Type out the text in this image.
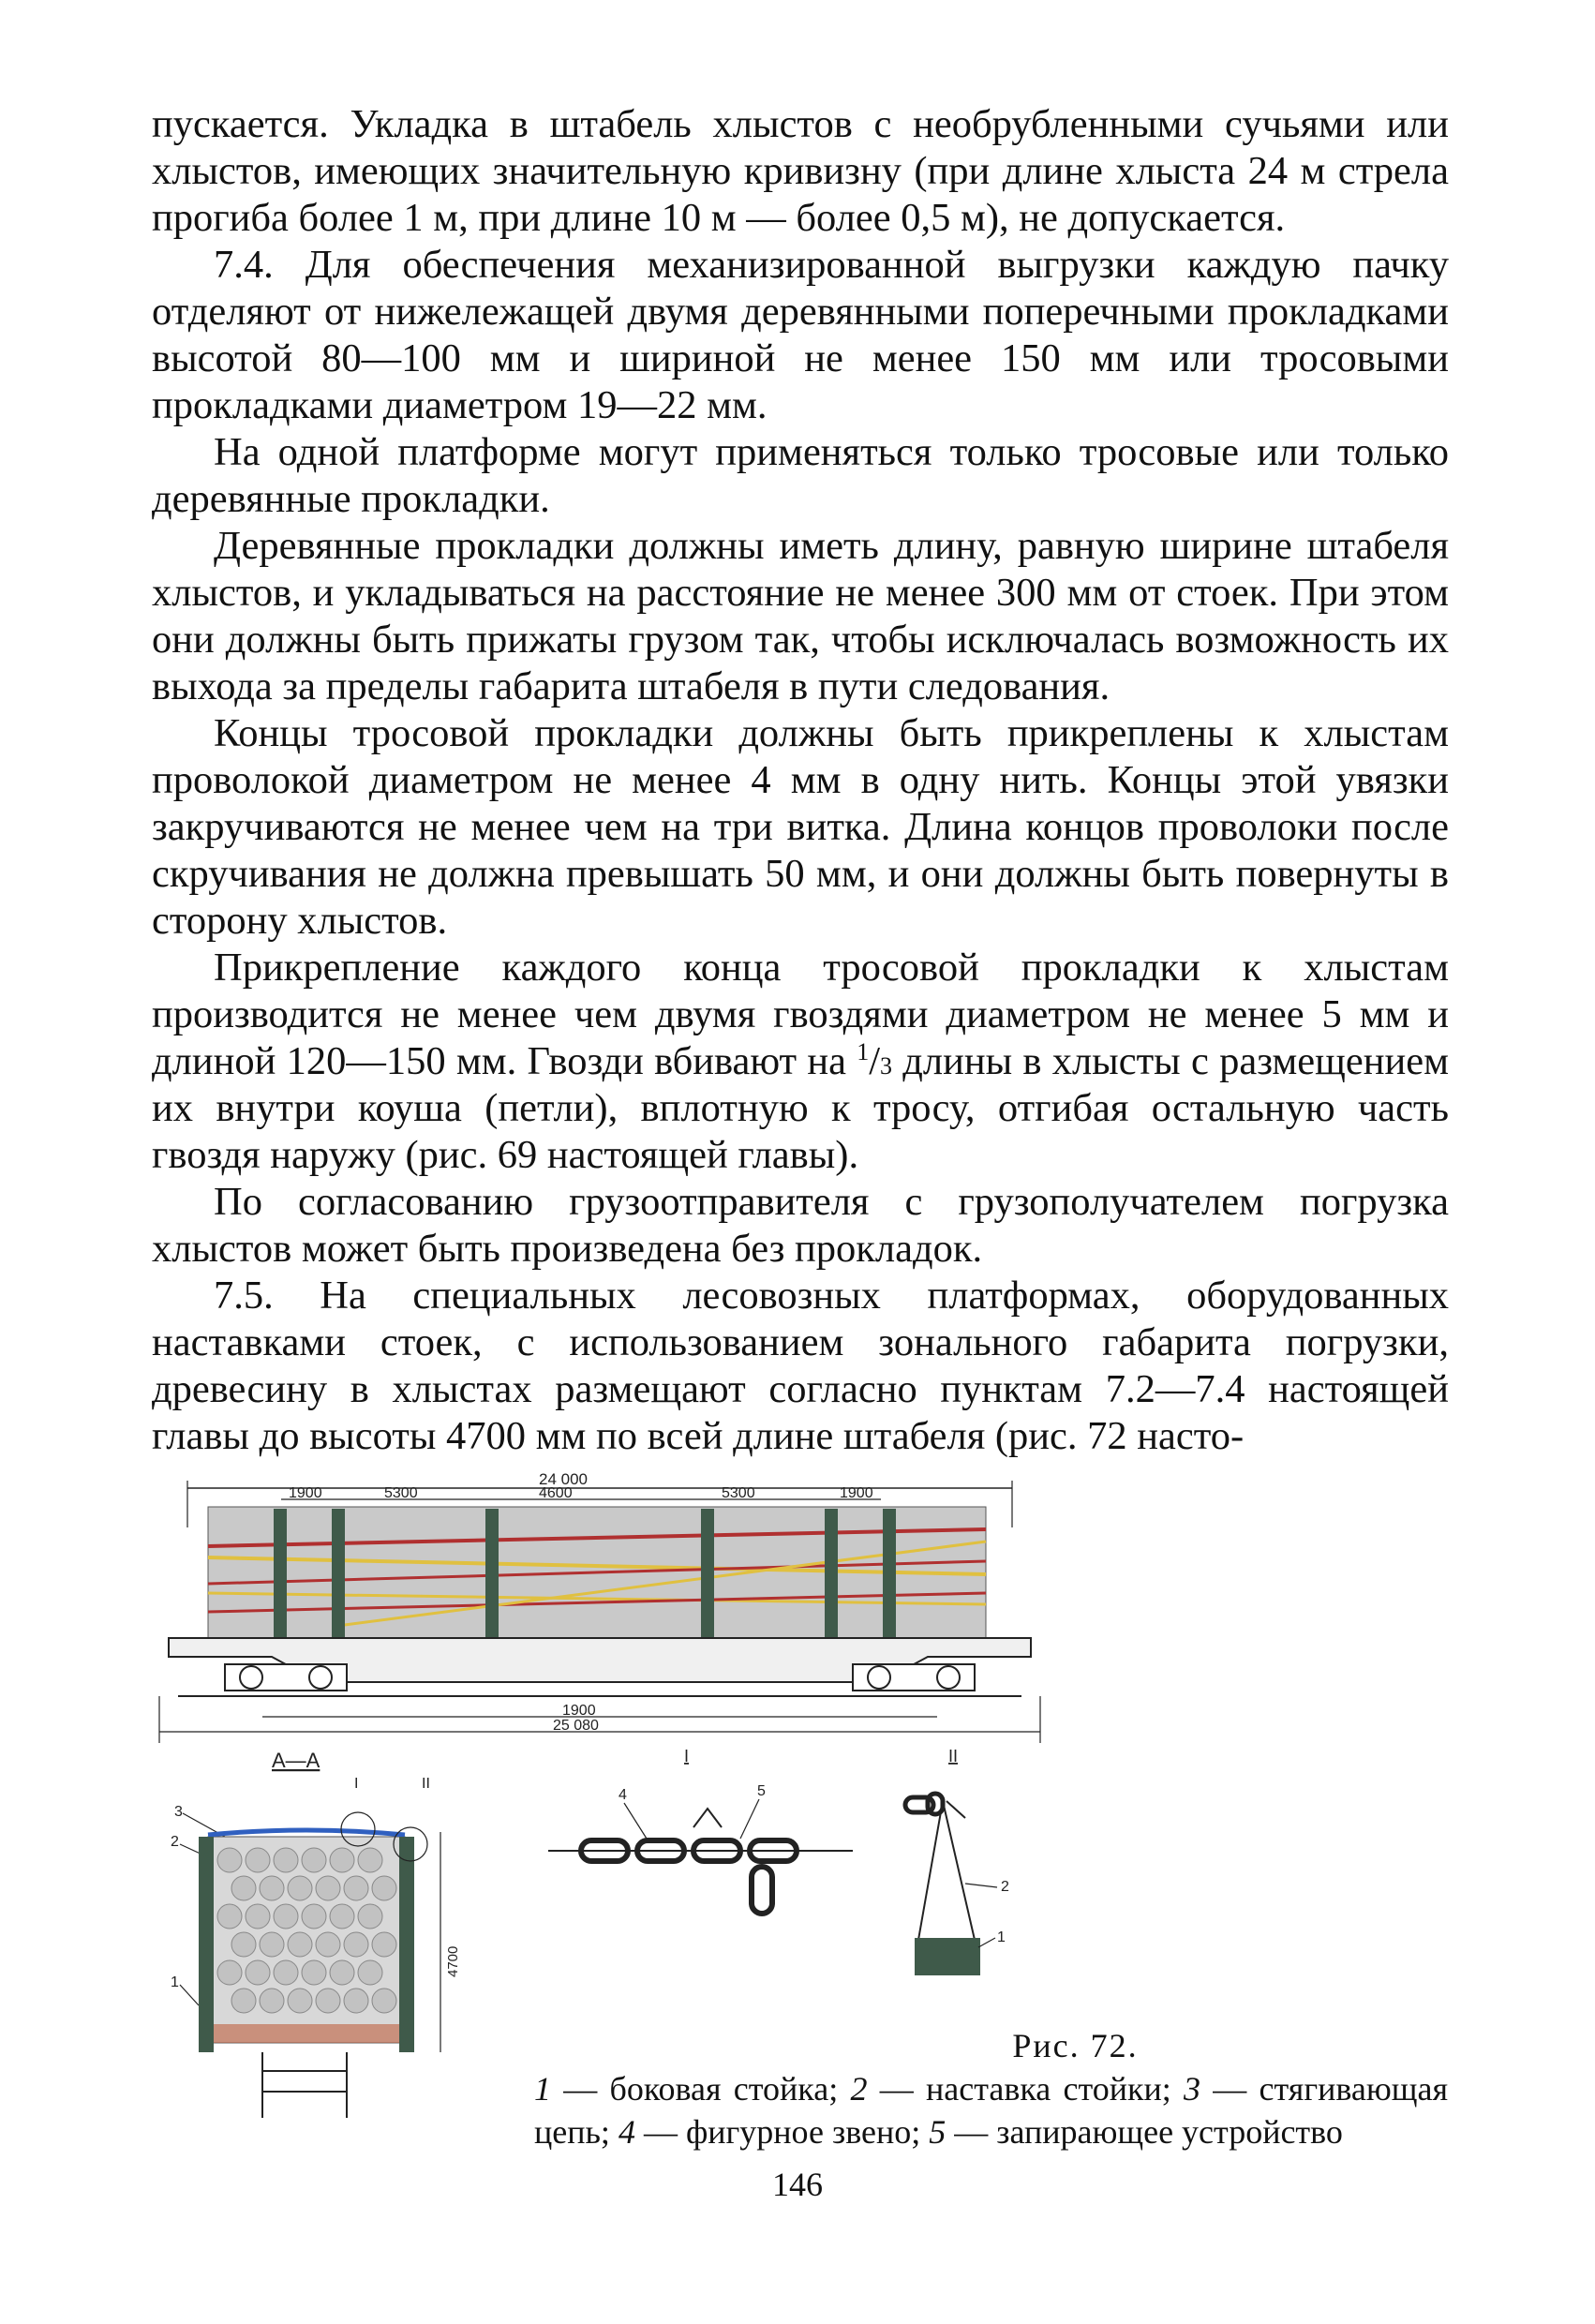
пускается. Укладка в штабель хлыстов с необрубленными сучьями или хлыстов, имеющих значительную кривизну (при длине хлыста 24 м стрела прогиба более 1 м, при длине 10 м — более 0,5 м), не допускается.

7.4. Для обеспечения механизированной выгрузки каждую пачку отделяют от нижележащей двумя деревянными поперечными прокладками высотой 80—100 мм и шириной не менее 150 мм или тросовыми прокладками диаметром 19—22 мм.

На одной платформе могут применяться только тросовые или только деревянные прокладки.

Деревянные прокладки должны иметь длину, равную ширине штабеля хлыстов, и укладываться на расстояние не менее 300 мм от стоек. При этом они должны быть прижаты грузом так, чтобы исключалась возможность их выхода за пределы габарита штабеля в пути следования.

Концы тросовой прокладки должны быть прикреплены к хлыстам проволокой диаметром не менее 4 мм в одну нить. Концы этой увязки закручиваются не менее чем на три витка. Длина концов проволоки после скручивания не должна превышать 50 мм, и они должны быть повернуты в сторону хлыстов.

Прикрепление каждого конца тросовой прокладки к хлыстам производится не менее чем двумя гвоздями диаметром не менее 5 мм и длиной 120—150 мм. Гвозди вбивают на $^1$/3 длины в хлысты с размещением их внутри коуша (петли), вплотную к тросу, отгибая остальную часть гвоздя наружу (рис. 69 настоящей главы).

По согласованию грузоотправителя с грузополучателем погрузка хлыстов может быть произведена без прокладок.

7.5. На специальных лесовозных платформах, оборудованных наставками стоек, с использованием зонального габарита погрузки, древесину в хлыстах размещают согласно пунктам 7.2—7.4 настоящей главы до высоты 4700 мм по всей длине штабеля (рис. 72 насто-

24 000
1900	5300	4600	5300	1900
1900
25 080
А—А
I	II
3
2
1
4700
I
4	5
II
2
1
Рис. 72.
1 — боковая стойка; 2 — наставка стойки; 3 — стягивающая цепь; 4 — фигурное звено; 5 — запирающее устройство
146
